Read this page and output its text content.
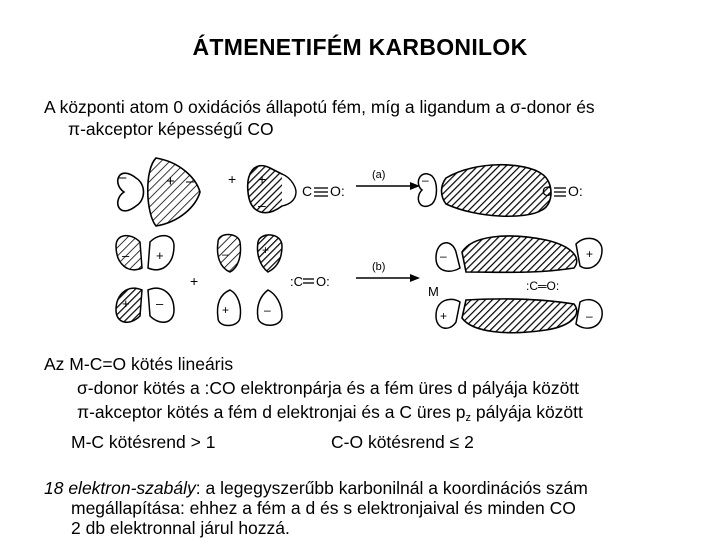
ÁTMENETIFÉM KARBONILOK
A központi atom 0 oxidációs állapotú fém, míg a ligandum a σ-donor és
π-akceptor képességű CO
–	+ – + +
–
C O:
(a)	–
C O:
– +
+ –
+
–	+
+	–
:C O:
(b)
M
–	+
+	–
:C═O:
Az M-C=O kötés lineáris
σ-donor kötés a :CO elektronpárja és a fém üres d pályája között
π-akceptor kötés a fém d elektronjai és a C üres $p_z$ pályája között
M-C kötésrend > 1	C-O kötésrend ≤ 2
18 elektron-szabály: a legegyszerűbb karbonilnál a koordinációs szám
megállapítása: ehhez a fém a d és s elektronjaival és minden CO
2 db elektronnal járul hozzá.
